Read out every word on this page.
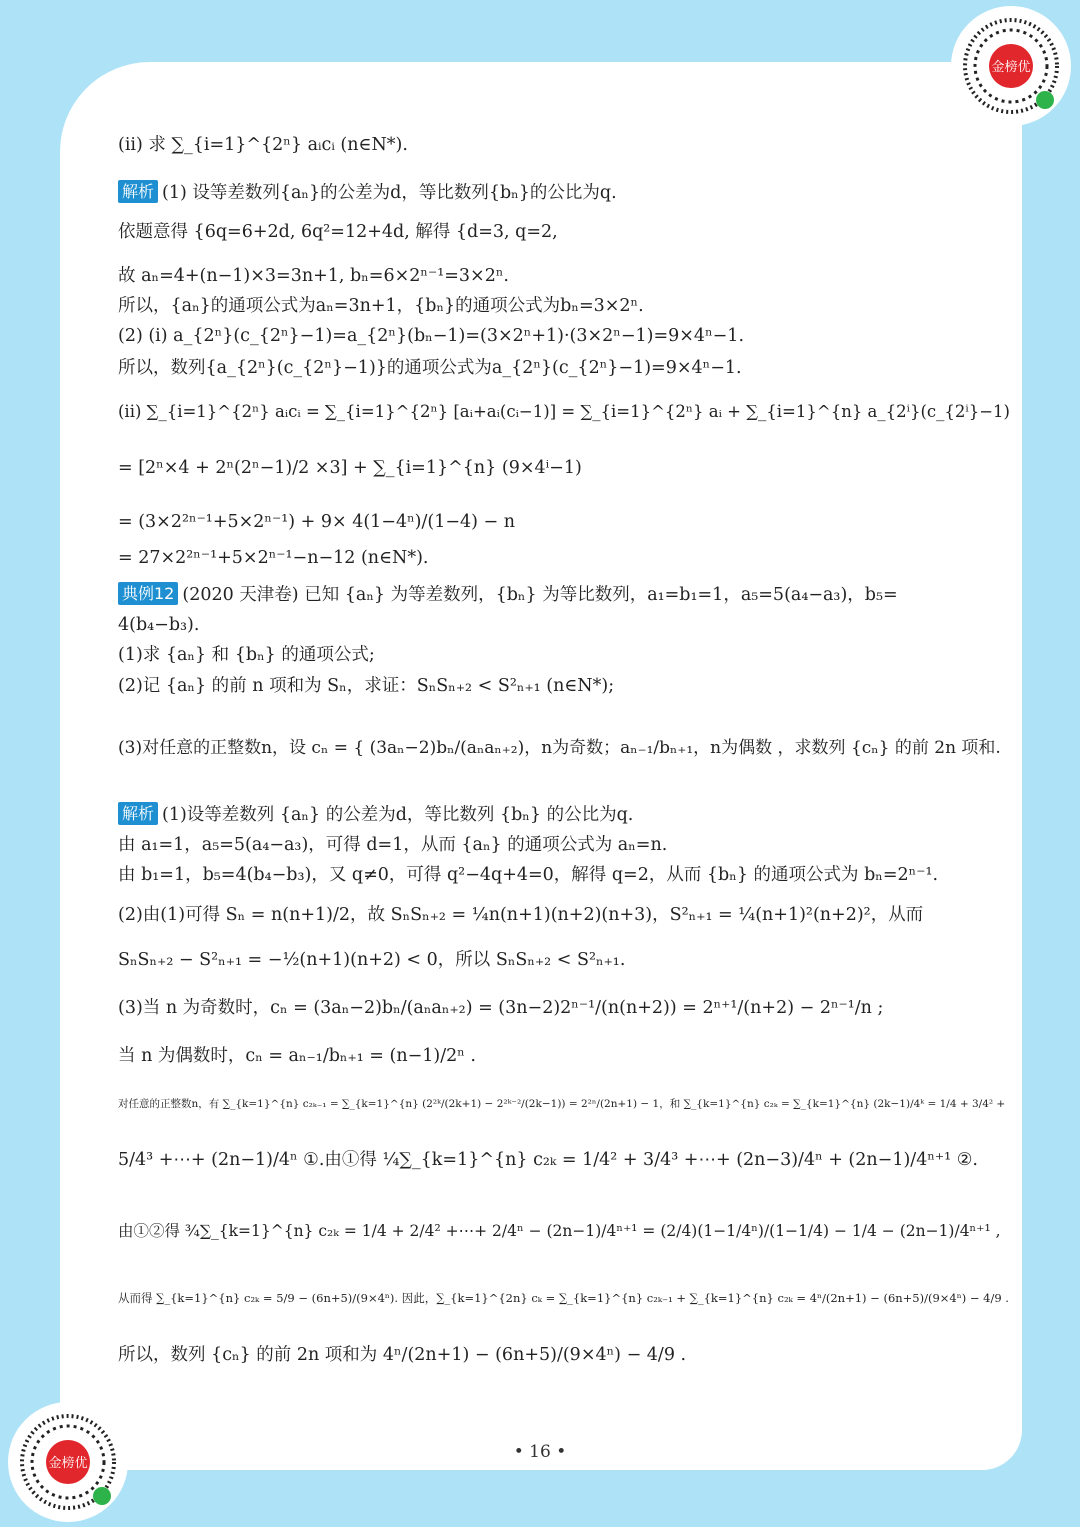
金榜优
金榜优
(ii) 求 ∑_{i=1}^{2ⁿ} aᵢcᵢ (n∈N*).
解析 (1) 设等差数列{aₙ}的公差为d，等比数列{bₙ}的公比为q.
依题意得 {6q=6+2d, 6q²=12+4d, 解得 {d=3, q=2,
故 aₙ=4+(n−1)×3=3n+1, bₙ=6×2ⁿ⁻¹=3×2ⁿ.
所以，{aₙ}的通项公式为aₙ=3n+1，{bₙ}的通项公式为bₙ=3×2ⁿ.
(2) (i) a_{2ⁿ}(c_{2ⁿ}−1)=a_{2ⁿ}(bₙ−1)=(3×2ⁿ+1)·(3×2ⁿ−1)=9×4ⁿ−1.
所以，数列{a_{2ⁿ}(c_{2ⁿ}−1)}的通项公式为a_{2ⁿ}(c_{2ⁿ}−1)=9×4ⁿ−1.
(ii) ∑_{i=1}^{2ⁿ} aᵢcᵢ = ∑_{i=1}^{2ⁿ} [aᵢ+aᵢ(cᵢ−1)] = ∑_{i=1}^{2ⁿ} aᵢ + ∑_{i=1}^{n} a_{2ⁱ}(c_{2ⁱ}−1)
= [2ⁿ×4 + 2ⁿ(2ⁿ−1)/2 ×3] + ∑_{i=1}^{n} (9×4ⁱ−1)
= (3×2²ⁿ⁻¹+5×2ⁿ⁻¹) + 9× 4(1−4ⁿ)/(1−4) − n
= 27×2²ⁿ⁻¹+5×2ⁿ⁻¹−n−12 (n∈N*).
典例12 (2020 天津卷) 已知 {aₙ} 为等差数列，{bₙ} 为等比数列，a₁=b₁=1，a₅=5(a₄−a₃)，b₅=
4(b₄−b₃).
(1)求 {aₙ} 和 {bₙ} 的通项公式;
(2)记 {aₙ} 的前 n 项和为 Sₙ，求证：SₙSₙ₊₂ < S²ₙ₊₁ (n∈N*);
(3)对任意的正整数n，设 cₙ = { (3aₙ−2)bₙ/(aₙaₙ₊₂)，n为奇数；aₙ₋₁/bₙ₊₁，n为偶数 ，求数列 {cₙ} 的前 2n 项和.
解析 (1)设等差数列 {aₙ} 的公差为d，等比数列 {bₙ} 的公比为q.
由 a₁=1，a₅=5(a₄−a₃)，可得 d=1，从而 {aₙ} 的通项公式为 aₙ=n.
由 b₁=1，b₅=4(b₄−b₃)，又 q≠0，可得 q²−4q+4=0，解得 q=2，从而 {bₙ} 的通项公式为 bₙ=2ⁿ⁻¹.
(2)由(1)可得 Sₙ = n(n+1)/2，故 SₙSₙ₊₂ = ¼n(n+1)(n+2)(n+3)，S²ₙ₊₁ = ¼(n+1)²(n+2)²，从而
SₙSₙ₊₂ − S²ₙ₊₁ = −½(n+1)(n+2) < 0，所以 SₙSₙ₊₂ < S²ₙ₊₁.
(3)当 n 为奇数时，cₙ = (3aₙ−2)bₙ/(aₙaₙ₊₂) = (3n−2)2ⁿ⁻¹/(n(n+2)) = 2ⁿ⁺¹/(n+2) − 2ⁿ⁻¹/n ;
当 n 为偶数时，cₙ = aₙ₋₁/bₙ₊₁ = (n−1)/2ⁿ .
对任意的正整数n，有 ∑_{k=1}^{n} c₂ₖ₋₁ = ∑_{k=1}^{n} (2²ᵏ/(2k+1) − 2²ᵏ⁻²/(2k−1)) = 2²ⁿ/(2n+1) − 1，和 ∑_{k=1}^{n} c₂ₖ = ∑_{k=1}^{n} (2k−1)/4ᵏ = 1/4 + 3/4² +
5/4³ +⋯+ (2n−1)/4ⁿ ①.由①得 ¼∑_{k=1}^{n} c₂ₖ = 1/4² + 3/4³ +⋯+ (2n−3)/4ⁿ + (2n−1)/4ⁿ⁺¹ ②.
由①②得 ¾∑_{k=1}^{n} c₂ₖ = 1/4 + 2/4² +⋯+ 2/4ⁿ − (2n−1)/4ⁿ⁺¹ = (2/4)(1−1/4ⁿ)/(1−1/4) − 1/4 − (2n−1)/4ⁿ⁺¹ ,
从而得 ∑_{k=1}^{n} c₂ₖ = 5/9 − (6n+5)/(9×4ⁿ). 因此，∑_{k=1}^{2n} cₖ = ∑_{k=1}^{n} c₂ₖ₋₁ + ∑_{k=1}^{n} c₂ₖ = 4ⁿ/(2n+1) − (6n+5)/(9×4ⁿ) − 4/9 .
所以，数列 {cₙ} 的前 2n 项和为 4ⁿ/(2n+1) − (6n+5)/(9×4ⁿ) − 4/9 .
• 16 •
